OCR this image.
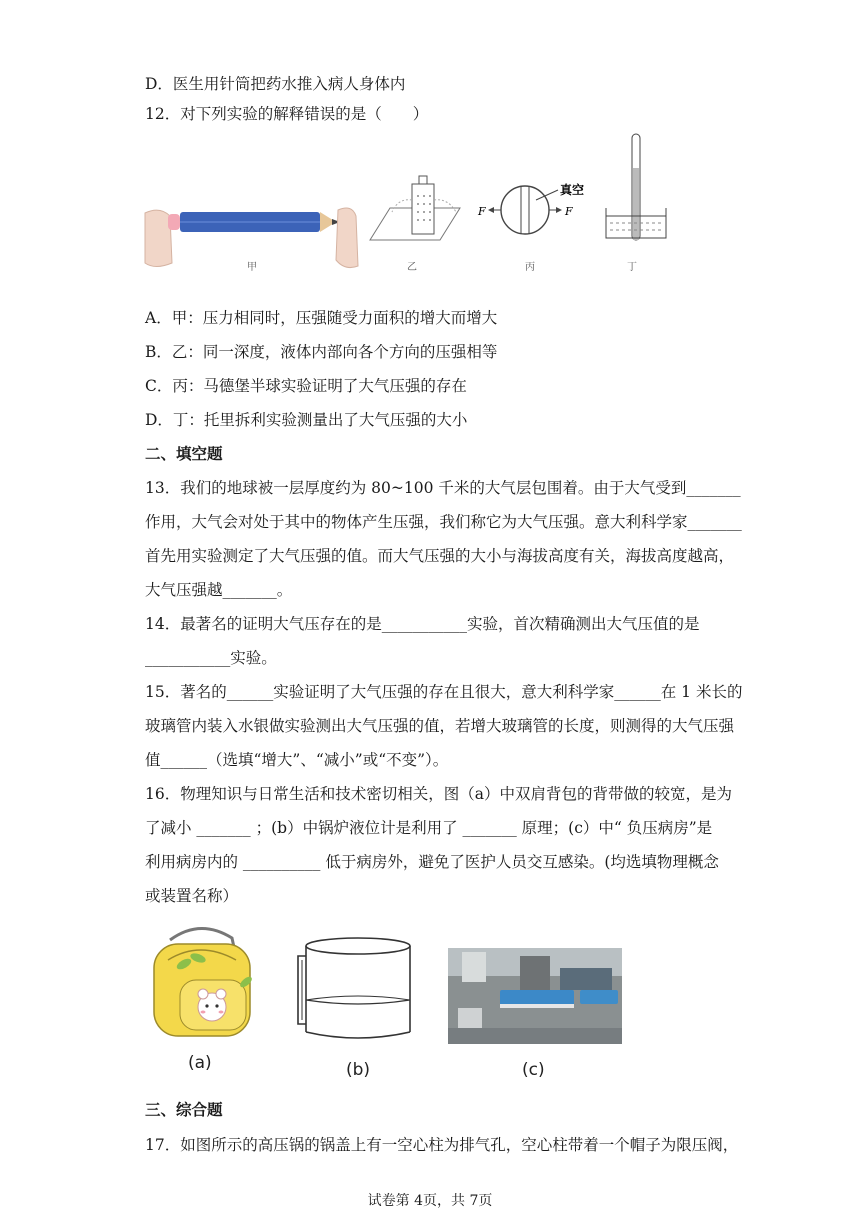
D．医生用针筒把药水推入病人身体内
12．对下列实验的解释错误的是（　　）
F	F
真空
甲	乙	丙	丁
A．甲：压力相同时，压强随受力面积的增大而增大
B．乙：同一深度，液体内部向各个方向的压强相等
C．丙：马德堡半球实验证明了大气压强的存在
D．丁：托里拆利实验测量出了大气压强的大小
二、填空题
13．我们的地球被一层厚度约为 80~100 千米的大气层包围着。由于大气受到_______
作用，大气会对处于其中的物体产生压强，我们称它为大气压强。意大利科学家_______
首先用实验测定了大气压强的值。而大气压强的大小与海拔高度有关，海拔高度越高，
大气压强越_______。
14．最著名的证明大气压存在的是___________实验，首次精确测出大气压值的是
___________实验。
15．著名的______实验证明了大气压强的存在且很大，意大利科学家______在 1 米长的
玻璃管内装入水银做实验测出大气压强的值，若增大玻璃管的长度，则测得的大气压强
值______（选填“增大”、“减小”或“不变”）。
16．物理知识与日常生活和技术密切相关，图（a）中双肩背包的背带做的较宽，是为
了减小 _______ ；(b）中锅炉液位计是利用了 _______ 原理；(c）中“ 负压病房”是
利用病房内的 __________ 低于病房外，避免了医护人员交互感染。(均选填物理概念
或装置名称）
(a)	(b)	(c)
三、综合题
17．如图所示的高压锅的锅盖上有一空心柱为排气孔，空心柱带着一个帽子为限压阀，
试卷第 4页，共 7页
